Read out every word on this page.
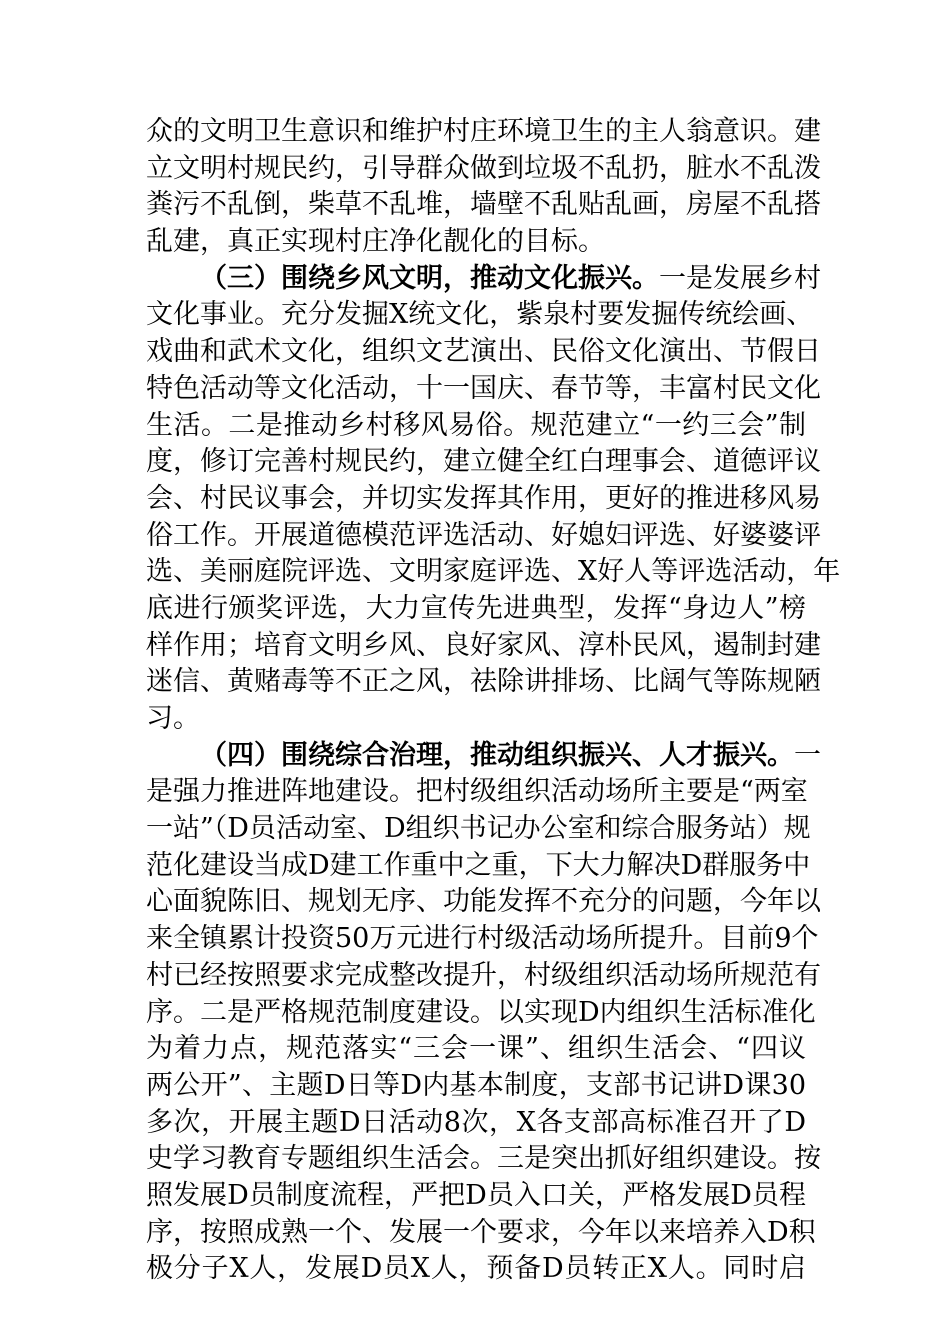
众的文明卫生意识和维护村庄环境卫生的主人翁意识。建
立文明村规民约，引导群众做到垃圾不乱扔，脏水不乱泼
粪污不乱倒，柴草不乱堆，墙壁不乱贴乱画，房屋不乱搭
乱建，真正实现村庄净化靓化的目标。
（三）围绕乡风文明，推动文化振兴。一是发展乡村
文化事业。充分发掘X统文化，紫泉村要发掘传统绘画、
戏曲和武术文化，组织文艺演出、民俗文化演出、节假日
特色活动等文化活动，十一国庆、春节等，丰富村民文化
生活。二是推动乡村移风易俗。规范建立“一约三会”制
度，修订完善村规民约，建立健全红白理事会、道德评议
会、村民议事会，并切实发挥其作用，更好的推进移风易
俗工作。开展道德模范评选活动、好媳妇评选、好婆婆评
选、美丽庭院评选、文明家庭评选、X好人等评选活动，年
底进行颁奖评选，大力宣传先进典型，发挥“身边人”榜
样作用；培育文明乡风、良好家风、淳朴民风，遏制封建
迷信、黄赌毒等不正之风，祛除讲排场、比阔气等陈规陋
习。
（四）围绕综合治理，推动组织振兴、人才振兴。一
是强力推进阵地建设。把村级组织活动场所主要是“两室
一站”（D员活动室、D组织书记办公室和综合服务站）规
范化建设当成D建工作重中之重，下大力解决D群服务中
心面貌陈旧、规划无序、功能发挥不充分的问题，今年以
来全镇累计投资50万元进行村级活动场所提升。目前9个
村已经按照要求完成整改提升，村级组织活动场所规范有
序。二是严格规范制度建设。以实现D内组织生活标准化
为着力点，规范落实“三会一课”、组织生活会、“四议
两公开”、主题D日等D内基本制度，支部书记讲D课30
多次，开展主题D日活动8次，X各支部高标准召开了D
史学习教育专题组织生活会。三是突出抓好组织建设。按
照发展D员制度流程，严把D员入口关，严格发展D员程
序，按照成熟一个、发展一个要求，今年以来培养入D积
极分子X人，发展D员X人，预备D员转正X人。同时启
